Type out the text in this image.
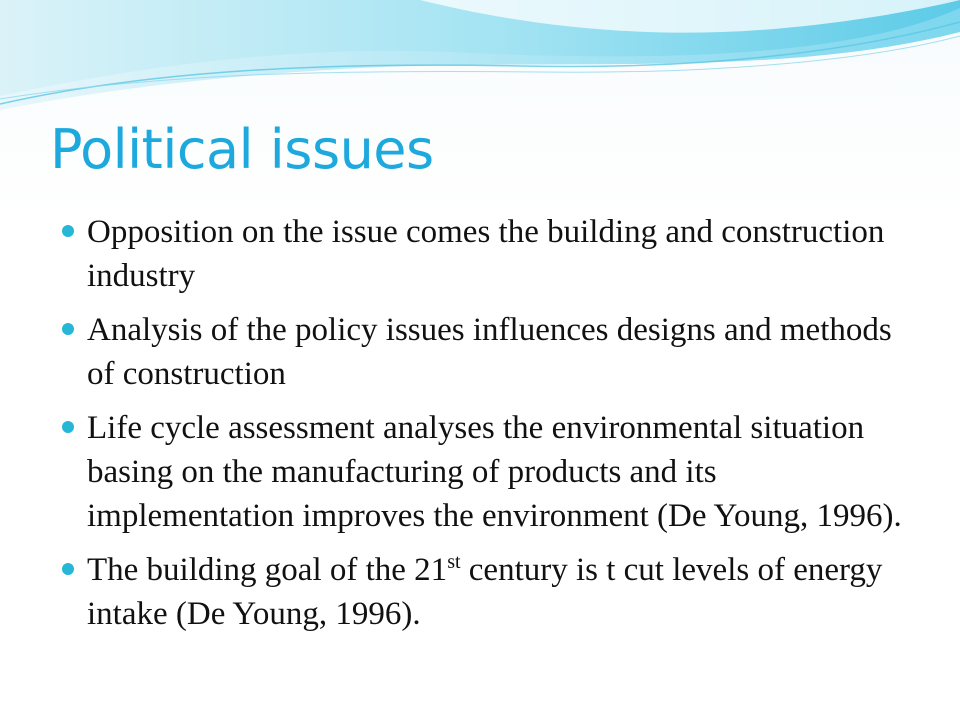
Political issues
Opposition on the issue comes the building and construction industry
Analysis of the policy issues influences designs and methods of construction
Life cycle assessment analyses the environmental situation basing on the manufacturing of products and its implementation improves the environment (De Young, 1996).
The building goal of the 21st century is t cut levels of energy intake (De Young, 1996).
